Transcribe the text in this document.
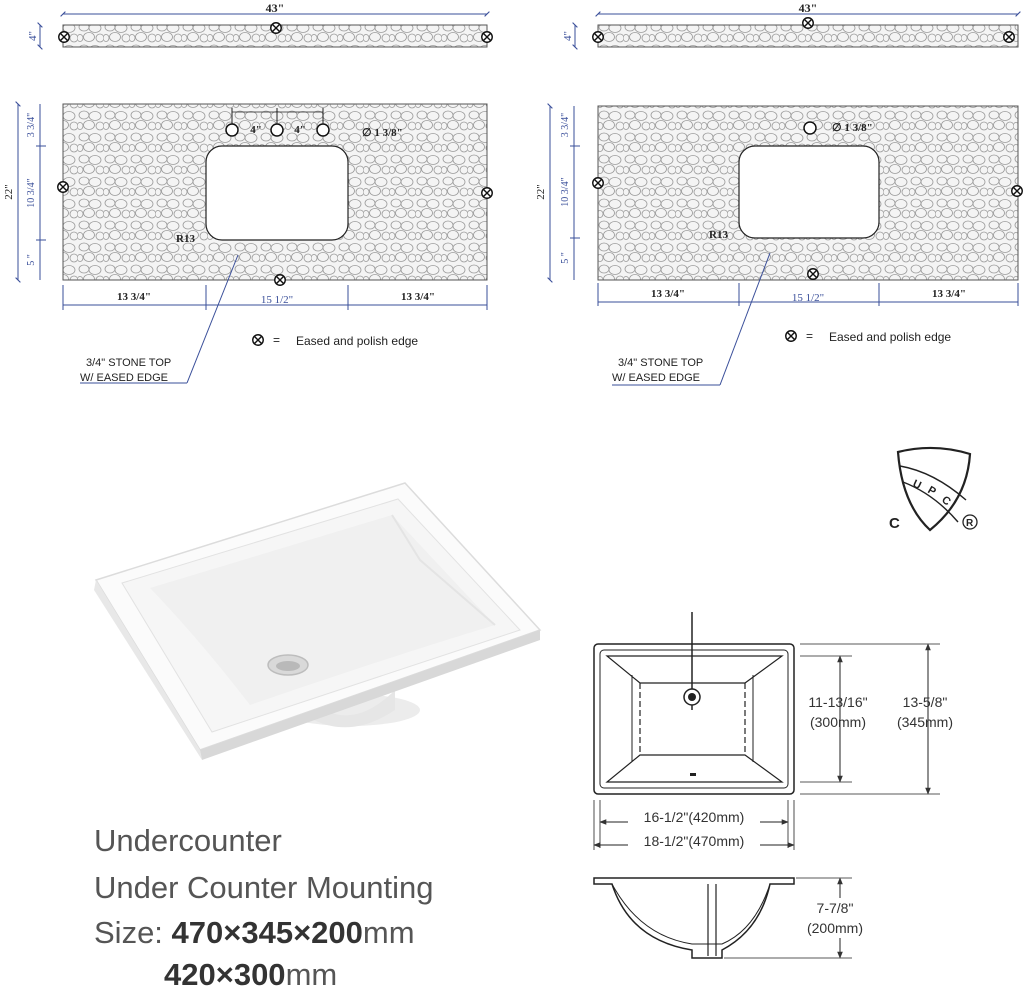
43"
4"
4"	4"	∅ 1 3/8"
R13
22"
3 3/4"
10 3/4"
5 "
13 3/4"	15 1/2"	13 3/4"
= Eased and polish edge
3/4" STONE TOP
W/ EASED EDGE
43"
4"
∅ 1 3/8"
R13
22"
3 3/4"
10 3/4"
5 "
13 3/4"	15 1/2"	13 3/4"
= Eased and polish edge
3/4" STONE TOP
W/ EASED EDGE
U P
C
C	R
11-13/16"
(300mm)
13-5/8"
(345mm)
16-1/2"(420mm)
18-1/2"(470mm)
7-7/8"
(200mm)
Undercounter
Under Counter Mounting
Size: 470×345×200mm
420×300mm
